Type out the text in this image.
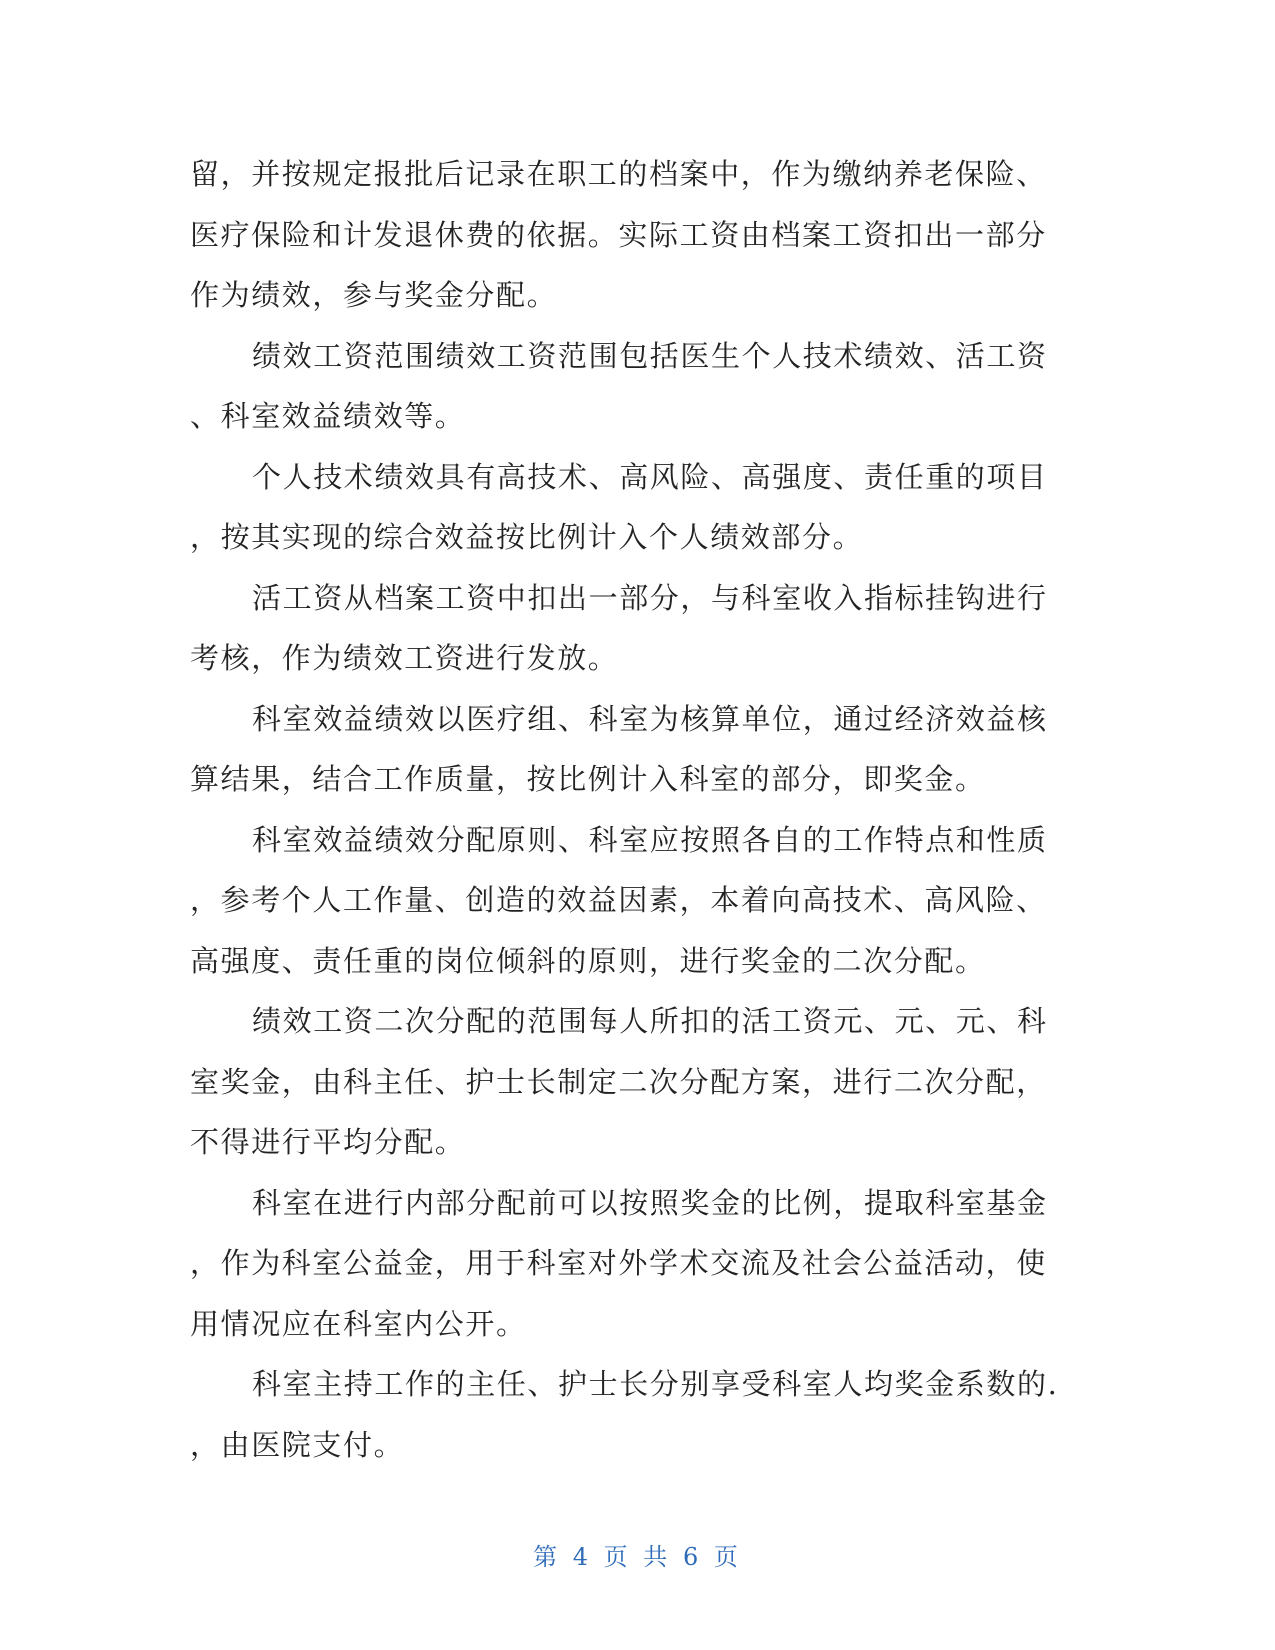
留，并按规定报批后记录在职工的档案中，作为缴纳养老保险、
医疗保险和计发退休费的依据。实际工资由档案工资扣出一部分
作为绩效，参与奖金分配。
绩效工资范围绩效工资范围包括医生个人技术绩效、活工资
、科室效益绩效等。
个人技术绩效具有高技术、高风险、高强度、责任重的项目
，按其实现的综合效益按比例计入个人绩效部分。
活工资从档案工资中扣出一部分，与科室收入指标挂钩进行
考核，作为绩效工资进行发放。
科室效益绩效以医疗组、科室为核算单位，通过经济效益核
算结果，结合工作质量，按比例计入科室的部分，即奖金。
科室效益绩效分配原则、科室应按照各自的工作特点和性质
，参考个人工作量、创造的效益因素，本着向高技术、高风险、
高强度、责任重的岗位倾斜的原则，进行奖金的二次分配。
绩效工资二次分配的范围每人所扣的活工资元、元、元、科
室奖金，由科主任、护士长制定二次分配方案，进行二次分配，
不得进行平均分配。
科室在进行内部分配前可以按照奖金的比例，提取科室基金
，作为科室公益金，用于科室对外学术交流及社会公益活动，使
用情况应在科室内公开。
科室主持工作的主任、护士长分别享受科室人均奖金系数的.
，由医院支付。
第 4 页 共 6 页
